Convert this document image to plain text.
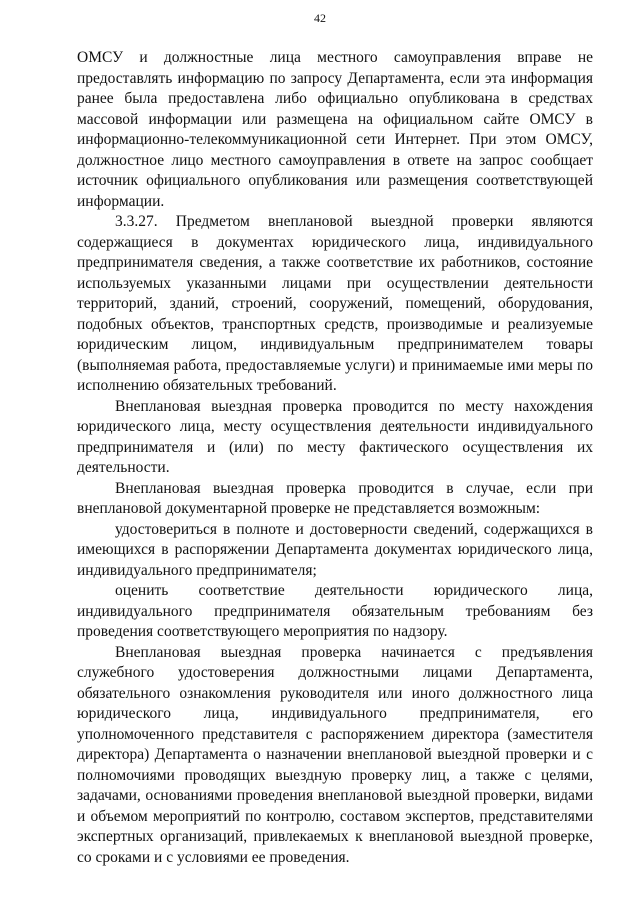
42

ОМСУ и должностные лица местного самоуправления вправе не предоставлять информацию по запросу Департамента, если эта информация ранее была предоставлена либо официально опубликована в средствах массовой информации или размещена на официальном сайте ОМСУ в информационно-телекоммуникационной сети Интернет. При этом ОМСУ, должностное лицо местного самоуправления в ответе на запрос сообщает источник официального опубликования или размещения соответствующей информации.

3.3.27. Предметом внеплановой выездной проверки являются содержащиеся в документах юридического лица, индивидуального предпринимателя сведения, а также соответствие их работников, состояние используемых указанными лицами при осуществлении деятельности территорий, зданий, строений, сооружений, помещений, оборудования, подобных объектов, транспортных средств, производимые и реализуемые юридическим лицом, индивидуальным предпринимателем товары (выполняемая работа, предоставляемые услуги) и принимаемые ими меры по исполнению обязательных требований.

Внеплановая выездная проверка проводится по месту нахождения юридического лица, месту осуществления деятельности индивидуального предпринимателя и (или) по месту фактического осуществления их деятельности.

Внеплановая выездная проверка проводится в случае, если при внеплановой документарной проверке не представляется возможным:

удостовериться в полноте и достоверности сведений, содержащихся в имеющихся в распоряжении Департамента документах юридического лица, индивидуального предпринимателя;

оценить соответствие деятельности юридического лица, индивидуального предпринимателя обязательным требованиям без проведения соответствующего мероприятия по надзору.

Внеплановая выездная проверка начинается с предъявления служебного удостоверения должностными лицами Департамента, обязательного ознакомления руководителя или иного должностного лица юридического лица, индивидуального предпринимателя, его уполномоченного представителя с распоряжением директора (заместителя директора) Департамента о назначении внеплановой выездной проверки и с полномочиями проводящих выездную проверку лиц, а также с целями, задачами, основаниями проведения внеплановой выездной проверки, видами и объемом мероприятий по контролю, составом экспертов, представителями экспертных организаций, привлекаемых к внеплановой выездной проверке, со сроками и с условиями ее проведения.
